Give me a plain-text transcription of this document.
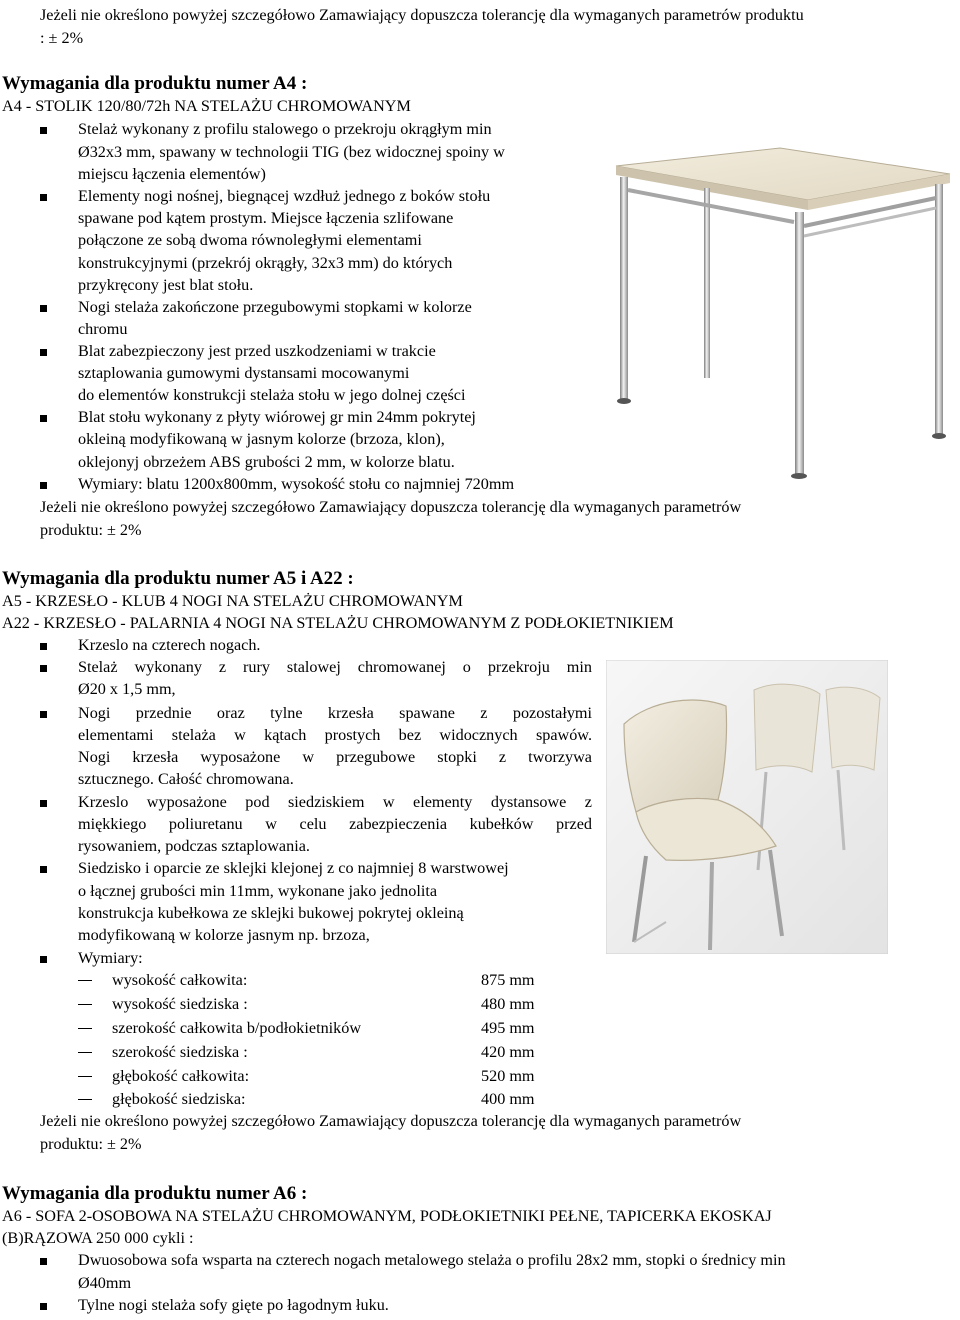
Jeżeli nie określono powyżej szczegółowo Zamawiający dopuszcza tolerancję dla wymaganych parametrów produktu
: ± 2%
Wymagania dla produktu numer A4 :
A4 - STOLIK 120/80/72h NA STELAŻU CHROMOWANYM
Stelaż wykonany z profilu stalowego o przekroju okrągłym min
Ø32x3 mm, spawany w technologii TIG (bez widocznej spoiny w
miejscu łączenia elementów)
Elementy nogi nośnej, biegnącej wzdłuż jednego z boków stołu
spawane pod kątem prostym. Miejsce łączenia szlifowane
połączone ze sobą dwoma równoległymi elementami
konstrukcyjnymi (przekrój okrągły, 32x3 mm) do których
przykręcony jest blat stołu.
Nogi stelaża zakończone przegubowymi stopkami w kolorze
chromu
Blat zabezpieczony jest przed uszkodzeniami w trakcie
sztaplowania gumowymi dystansami mocowanymi
do elementów konstrukcji stelaża stołu w jego dolnej części
Blat stołu wykonany z płyty wiórowej gr min 24mm pokrytej
okleiną modyfikowaną w jasnym kolorze (brzoza, klon),
oklejonyj obrzeżem ABS grubości 2 mm, w kolorze blatu.
Wymiary: blatu 1200x800mm, wysokość stołu co najmniej 720mm
Jeżeli nie określono powyżej szczegółowo Zamawiający dopuszcza tolerancję dla wymaganych parametrów
produktu: ± 2%
Wymagania dla produktu numer A5 i A22 :
A5 - KRZESŁO - KLUB 4 NOGI NA STELAŻU CHROMOWANYM
A22 - KRZESŁO - PALARNIA 4 NOGI NA STELAŻU CHROMOWANYM Z PODŁOKIETNIKIEM
Krzeslo na czterech nogach.
Stelaż wykonany z rury stalowej chromowanej o przekroju min
Ø20 x 1,5 mm,
Nogi przednie oraz tylne krzesła spawane z pozostałymi
elementami stelaża w kątach prostych bez widocznych spawów.
Nogi krzesła wyposażone w przegubowe stopki z tworzywa
sztucznego. Całość chromowana.
Krzeslo wyposażone pod siedziskiem w elementy dystansowe z
miękkiego poliuretanu w celu zabezpieczenia kubełków przed
rysowaniem, podczas sztaplowania.
Siedzisko i oparcie ze sklejki klejonej z co najmniej 8 warstwowej
o łącznej grubości min 11mm, wykonane jako jednolita
konstrukcja kubełkowa ze sklejki bukowej pokrytej okleiną
modyfikowaną w kolorze jasnym np. brzoza,
Wymiary:
wysokość całkowita:	875 mm
wysokość siedziska :	480 mm
szerokość całkowita b/podłokietników	495 mm
szerokość siedziska :	420 mm
głębokość całkowita:	520 mm
głębokość siedziska:	400 mm
Jeżeli nie określono powyżej szczegółowo Zamawiający dopuszcza tolerancję dla wymaganych parametrów
produktu: ± 2%
Wymagania dla produktu numer A6 :
A6 - SOFA 2-OSOBOWA NA STELAŻU CHROMOWANYM, PODŁOKIETNIKI PEŁNE, TAPICERKA EKOSKAJ
(B)RĄZOWA 250 000 cykli :
Dwuosobowa sofa wsparta na czterech nogach metalowego stelaża o profilu 28x2 mm, stopki o średnicy min
Ø40mm
Tylne nogi stelaża sofy gięte po łagodnym łuku.
